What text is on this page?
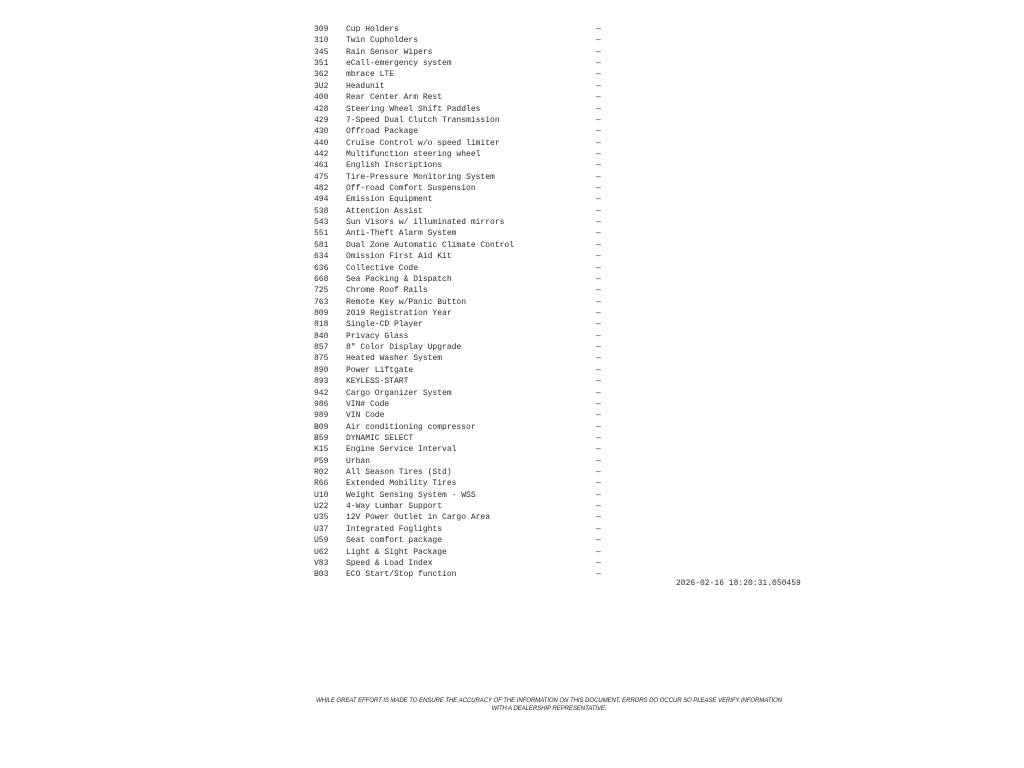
309	Cup Holders	—
310	Twin Cupholders	—
345	Rain Sensor Wipers	—
351	eCall-emergency system	—
362	mbrace LTE	—
3U2	Headunit	—
400	Rear Center Arm Rest	—
428	Steering Wheel Shift Paddles	—
429	7-Speed Dual Clutch Transmission	—
430	Offroad Package	—
440	Cruise Control w/o speed limiter	—
442	Multifunction steering wheel	—
461	English Inscriptions	—
475	Tire-Pressure Monitoring System	—
482	Off-road Comfort Suspension	—
494	Emission Equipment	—
538	Attention Assist	—
543	Sun Visors w/ illuminated mirrors	—
551	Anti-Theft Alarm System	—
581	Dual Zone Automatic Climate Control	—
634	Omission First Aid Kit	—
636	Collective Code	—
668	Sea Packing & Dispatch	—
725	Chrome Roof Rails	—
763	Remote Key w/Panic Button	—
809	2019 Registration Year	—
818	Single-CD Player	—
840	Privacy Glass	—
857	8" Color Display Upgrade	—
875	Heated Washer System	—
890	Power Liftgate	—
893	KEYLESS-START	—
942	Cargo Organizer System	—
986	VIN# Code	—
989	VIN Code	—
B09	Air conditioning compressor	—
B59	DYNAMIC SELECT	—
K15	Engine Service Interval	—
P59	Urban	—
R02	All Season Tires (Std)	—
R66	Extended Mobility Tires	—
U10	Weight Sensing System - WSS	—
U22	4-Way Lumbar Support	—
U35	12V Power Outlet in Cargo Area	—
U37	Integrated Foglights	—
U59	Seat comfort package	—
U62	Light & Sight Package	—
V83	Speed & Load Index	—
B03	ECO Start/Stop function	—
2026-02-16 18:20:31.050459
WHILE GREAT EFFORT IS MADE TO ENSURE THE ACCURACY OF THE INFORMATION ON THIS DOCUMENT, ERRORS DO OCCUR SO PLEASE VERIFY INFORMATION WITH A DEALERSHIP REPRESENTATIVE.
